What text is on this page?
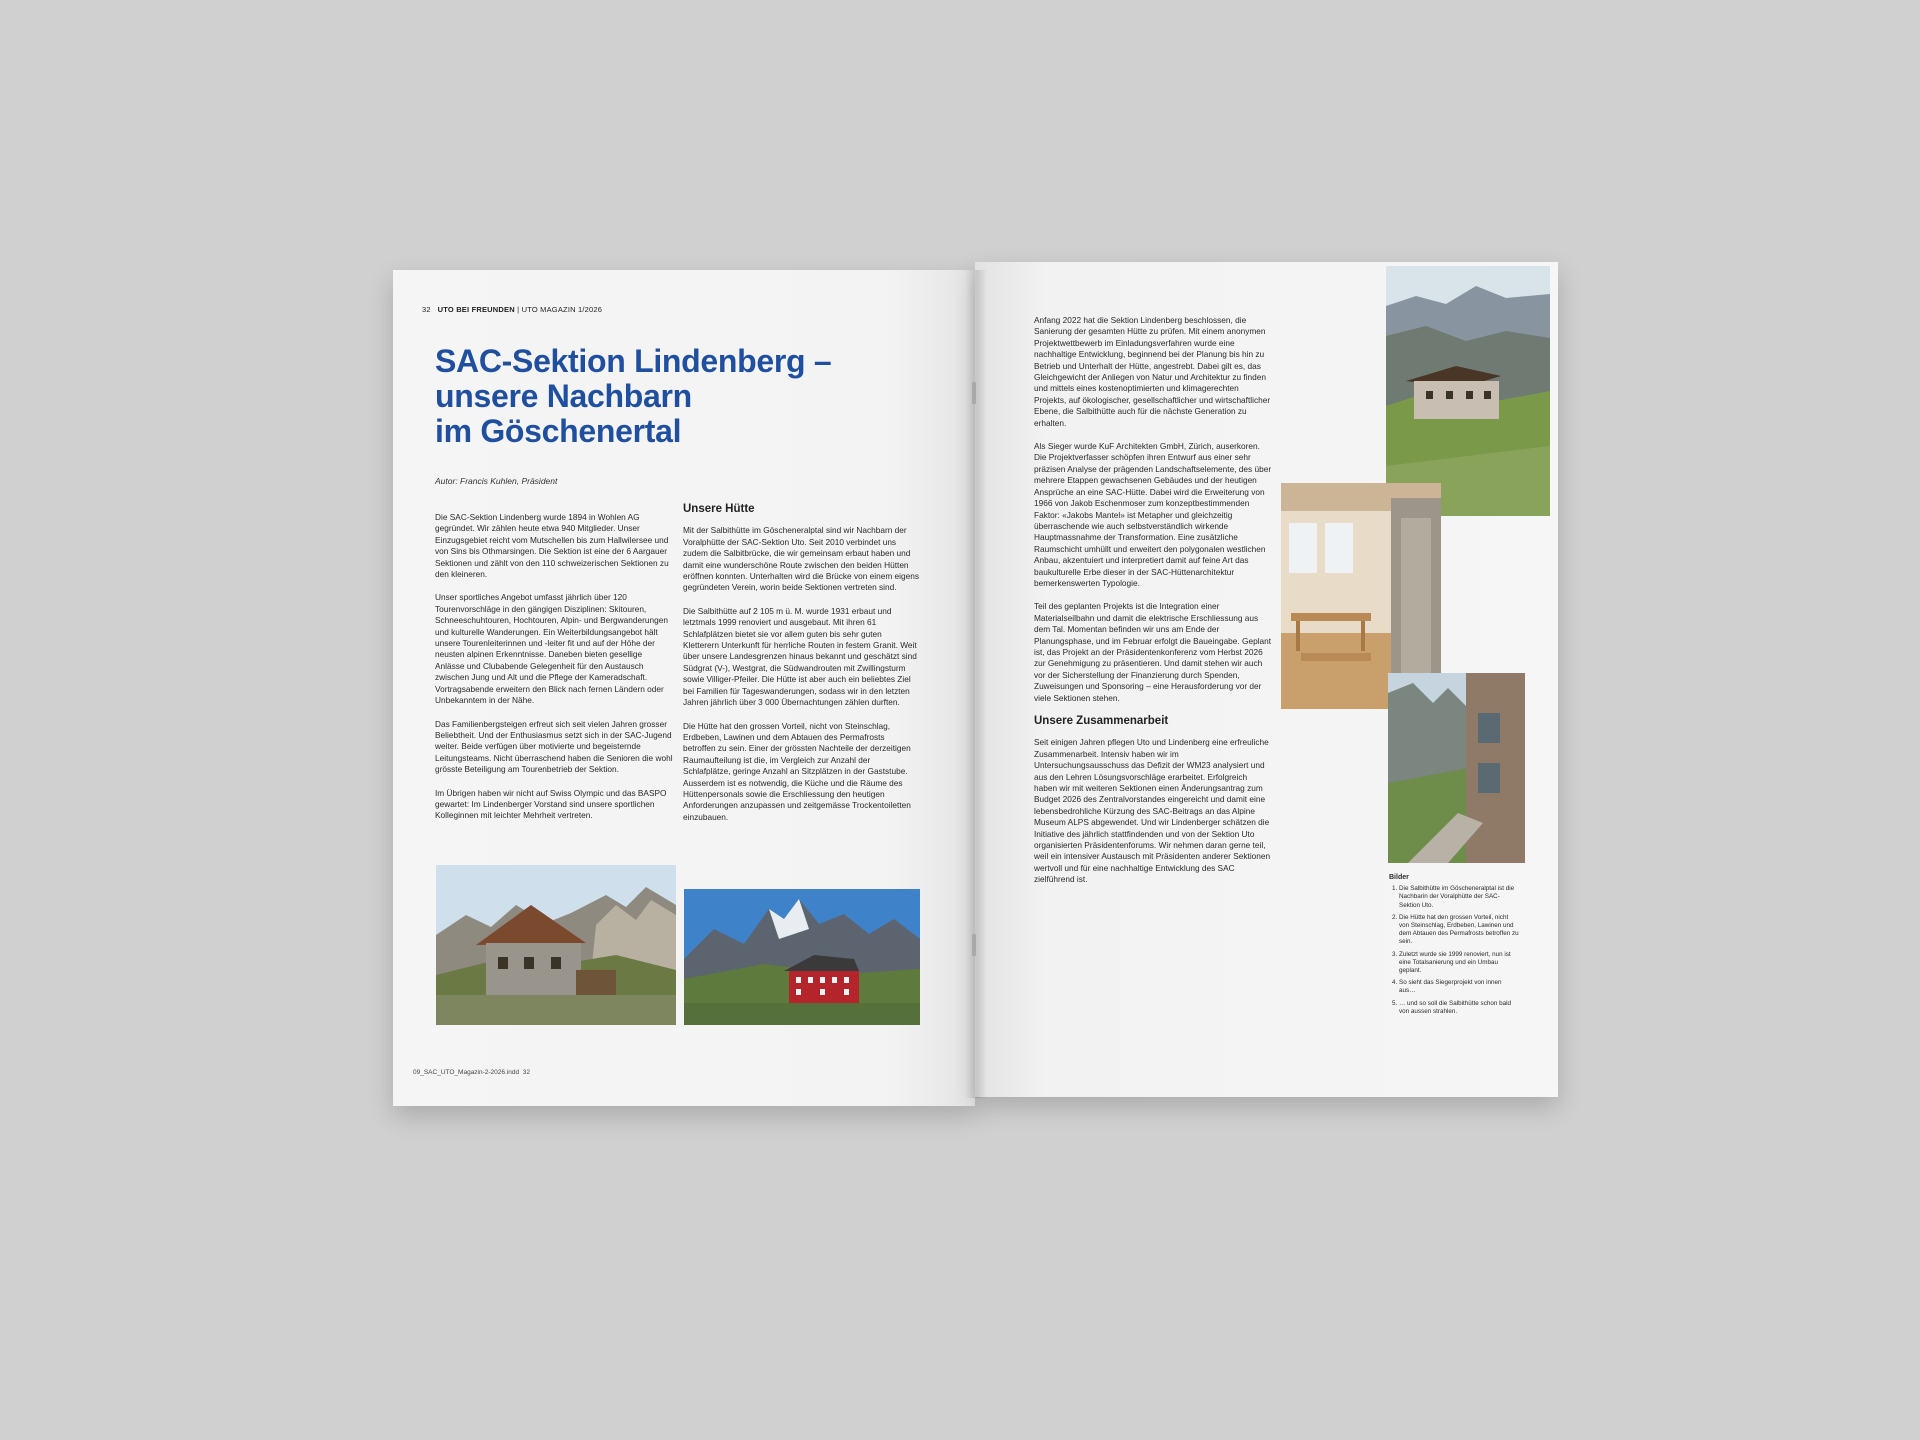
32 UTO BEI FREUNDEN | UTO MAGAZIN 1/2026
SAC-Sektion Lindenberg –
unsere Nachbarn
im Göschenertal
Autor: Francis Kuhlen, Präsident

Die SAC-Sektion Lindenberg wurde 1894 in Wohlen AG gegründet. Wir zählen heute etwa 940 Mitglieder. Unser Einzugsgebiet reicht vom Mutschellen bis zum Hallwilersee und von Sins bis Othmarsingen. Die Sektion ist eine der 6 Aargauer Sektionen und zählt von den 110 schweizerischen Sektionen zu den kleineren.

Unser sportliches Angebot umfasst jährlich über 120 Tourenvorschläge in den gängigen Disziplinen: Skitouren, Schneeschuhtouren, Hochtouren, Alpin- und Bergwanderungen und kulturelle Wanderungen. Ein Weiterbildungsangebot hält unsere Tourenleiterinnen und -leiter fit und auf der Höhe der neusten alpinen Erkenntnisse. Daneben bieten gesellige Anlässe und Clubabende Gelegenheit für den Austausch zwischen Jung und Alt und die Pflege der Kameradschaft. Vortragsabende erweitern den Blick nach fernen Ländern oder Unbekanntem in der Nähe.

Das Familienbergsteigen erfreut sich seit vielen Jahren grosser Beliebtheit. Und der Enthusiasmus setzt sich in der SAC-Jugend weiter. Beide verfügen über motivierte und begeisternde Leitungsteams. Nicht überraschend haben die Senioren die wohl grösste Beteiligung am Tourenbetrieb der Sektion.

Im Übrigen haben wir nicht auf Swiss Olympic und das BASPO gewartet: Im Lindenberger Vorstand sind unsere sportlichen Kolleginnen mit leichter Mehrheit vertreten.

Unsere Hütte

Mit der Salbithütte im Göscheneralptal sind wir Nachbarn der Voralphütte der SAC-Sektion Uto. Seit 2010 verbindet uns zudem die Salbitbrücke, die wir gemeinsam erbaut haben und damit eine wunderschöne Route zwischen den beiden Hütten eröffnen konnten. Unterhalten wird die Brücke von einem eigens gegründeten Verein, worin beide Sektionen vertreten sind.

Die Salbithütte auf 2 105 m ü. M. wurde 1931 erbaut und letztmals 1999 renoviert und ausgebaut. Mit ihren 61 Schlafplätzen bietet sie vor allem guten bis sehr guten Kletterern Unterkunft für herrliche Routen in festem Granit. Weit über unsere Landesgrenzen hinaus bekannt und geschätzt sind Südgrat (V-), Westgrat, die Südwandrouten mit Zwillingsturm sowie Villiger-Pfeiler. Die Hütte ist aber auch ein beliebtes Ziel bei Familien für Tageswanderungen, sodass wir in den letzten Jahren jährlich über 3 000 Übernachtungen zählen durften.

Die Hütte hat den grossen Vorteil, nicht von Steinschlag, Erdbeben, Lawinen und dem Abtauen des Permafrosts betroffen zu sein. Einer der grössten Nachteile der derzeitigen Raumaufteilung ist die, im Vergleich zur Anzahl der Schlafplätze, geringe Anzahl an Sitzplätzen in der Gaststube. Ausserdem ist es notwendig, die Küche und die Räume des Hüttenpersonals sowie die Erschliessung den heutigen Anforderungen anzupassen und zeitgemässe Trockentoiletten einzubauen.

09_SAC_UTO_Magazin-2-2026.indd 32

Anfang 2022 hat die Sektion Lindenberg beschlossen, die Sanierung der gesamten Hütte zu prüfen. Mit einem anonymen Projektwettbewerb im Einladungsverfahren wurde eine nachhaltige Entwicklung, beginnend bei der Planung bis hin zu Betrieb und Unterhalt der Hütte, angestrebt. Dabei gilt es, das Gleichgewicht der Anliegen von Natur und Architektur zu finden und mittels eines kostenoptimierten und klimagerechten Projekts, auf ökologischer, gesellschaftlicher und wirtschaftlicher Ebene, die Salbithütte auch für die nächste Generation zu erhalten.

Als Sieger wurde KuF Architekten GmbH, Zürich, auserkoren. Die Projektverfasser schöpfen ihren Entwurf aus einer sehr präzisen Analyse der prägenden Landschaftselemente, des über mehrere Etappen gewachsenen Gebäudes und der heutigen Ansprüche an eine SAC-Hütte. Dabei wird die Erweiterung von 1966 von Jakob Eschenmoser zum konzeptbestimmenden Faktor: «Jakobs Mantel» ist Metapher und gleichzeitig überraschende wie auch selbstverständlich wirkende Hauptmassnahme der Transformation. Eine zusätzliche Raumschicht umhüllt und erweitert den polygonalen westlichen Anbau, akzentuiert und interpretiert damit auf feine Art das baukulturelle Erbe dieser in der SAC-Hüttenarchitektur bemerkenswerten Typologie.

Teil des geplanten Projekts ist die Integration einer Materialseilbahn und damit die elektrische Erschliessung aus dem Tal. Momentan befinden wir uns am Ende der Planungsphase, und im Februar erfolgt die Baueingabe. Geplant ist, das Projekt an der Präsidentenkonferenz vom Herbst 2026 zur Genehmigung zu präsentieren. Und damit stehen wir auch vor der Sicherstellung der Finanzierung durch Spenden, Zuweisungen und Sponsoring – eine Herausforderung vor der viele Sektionen stehen.

Unsere Zusammenarbeit

Seit einigen Jahren pflegen Uto und Lindenberg eine erfreuliche Zusammenarbeit. Intensiv haben wir im Untersuchungsausschuss das Defizit der WM23 analysiert und aus den Lehren Lösungsvorschläge erarbeitet. Erfolgreich haben wir mit weiteren Sektionen einen Änderungsantrag zum Budget 2026 des Zentralvorstandes eingereicht und damit eine lebensbedrohliche Kürzung des SAC-Beitrags an das Alpine Museum ALPS abgewendet. Und wir Lindenberger schätzen die Initiative des jährlich stattfindenden und von der Sektion Uto organisierten Präsidentenforums. Wir nehmen daran gerne teil, weil ein intensiver Austausch mit Präsidenten anderer Sektionen wertvoll und für eine nachhaltige Entwicklung des SAC zielführend ist.	Bilder
1. Die Salbithütte im Göscheneralptal ist die Nachbarin der Voralphütte der SAC-Sektion Uto.
2. Die Hütte hat den grossen Vorteil, nicht von Steinschlag, Erdbeben, Lawinen und dem Abtauen des Permafrosts betroffen zu sein.
3. Zuletzt wurde sie 1999 renoviert, nun ist eine Totalsanierung und ein Umbau geplant.
4. So sieht das Siegerprojekt von innen aus…
5. … und so soll die Salbithütte schon bald von aussen strahlen.
